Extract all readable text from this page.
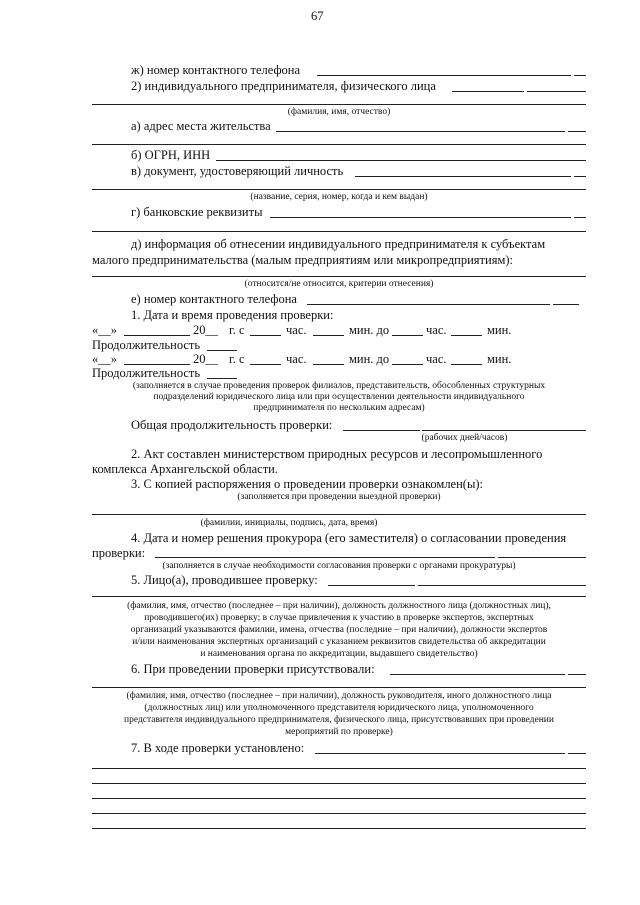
67
ж) номер контактного телефона
2) индивидуального предпринимателя, физического лица
(фамилия, имя, отчество)
а) адрес места жительства
б) ОГРН, ИНН
в) документ, удостоверяющий личность
(название, серия, номер, когда и кем выдан)
г) банковские реквизиты
д) информация об отнесении индивидуального предпринимателя к субъектам
малого предпринимательства (малым предприятиям или микропредприятиям):
(относится/не относится, критерии отнесения)
е) номер контактного телефона
1. Дата и время проведения проверки:
«__»	20__ г. с	час.	мин. до	час.	мин.
Продолжительность
«__»	20__ г. с	час.	мин. до	час.	мин.
Продолжительность
(заполняется в случае проведения проверок филиалов, представительств, обособленных структурных
подразделений юридического лица или при осуществлении деятельности индивидуального
предпринимателя по нескольким адресам)
Общая продолжительность проверки:
(рабочих дней/часов)
2. Акт составлен министерством природных ресурсов и лесопромышленного
комплекса Архангельской области.
3. С копией распоряжения о проведении проверки ознакомлен(ы):
(заполняется при проведении выездной проверки)
(фамилии, инициалы, подпись, дата, время)
4. Дата и номер решения прокурора (его заместителя) о согласовании проведения
проверки:
(заполняется в случае необходимости согласования проверки с органами прокуратуры)
5. Лицо(а), проводившее проверку:
(фамилия, имя, отчество (последнее – при наличии), должность должностного лица (должностных лиц),
проводившего(их) проверку; в случае привлечения к участию в проверке экспертов, экспертных
организаций указываются фамилии, имена, отчества (последние – при наличии), должности экспертов
и/или наименования экспертных организаций с указанием реквизитов свидетельства об аккредитации
и наименования органа по аккредитации, выдавшего свидетельство)
6. При проведении проверки присутствовали:
(фамилия, имя, отчество (последнее – при наличии), должность руководителя, иного должностного лица
(должностных лиц) или уполномоченного представителя юридического лица, уполномоченного
представителя индивидуального предпринимателя, физического лица, присутствовавших при проведении
мероприятий по проверке)
7. В ходе проверки установлено:
